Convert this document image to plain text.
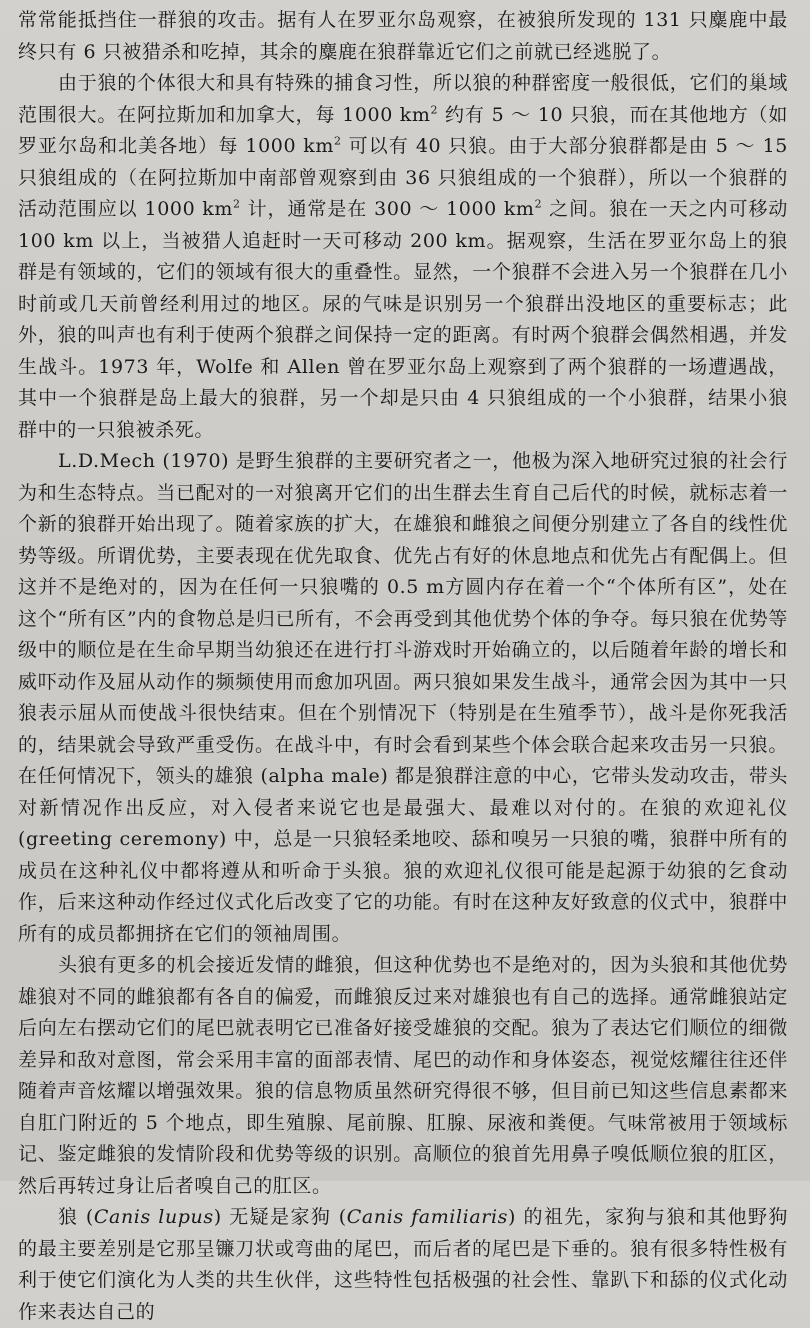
常常能抵挡住一群狼的攻击。据有人在罗亚尔岛观察，在被狼所发现的 131 只麋鹿中最终只有 6 只被猎杀和吃掉，其余的麋鹿在狼群靠近它们之前就已经逃脱了。

由于狼的个体很大和具有特殊的捕食习性，所以狼的种群密度一般很低，它们的巢域范围很大。在阿拉斯加和加拿大，每 1000 $km^2$ 约有 5 ～ 10 只狼，而在其他地方（如罗亚尔岛和北美各地）每 1000 $km^2$ 可以有 40 只狼。由于大部分狼群都是由 5 ～ 15 只狼组成的（在阿拉斯加中南部曾观察到由 36 只狼组成的一个狼群），所以一个狼群的活动范围应以 1000 $km^2$ 计，通常是在 300 ～ 1000 $km^2$ 之间。狼在一天之内可移动 100 km 以上，当被猎人追赶时一天可移动 200 km。据观察，生活在罗亚尔岛上的狼群是有领域的，它们的领域有很大的重叠性。显然，一个狼群不会进入另一个狼群在几小时前或几天前曾经利用过的地区。尿的气味是识别另一个狼群出没地区的重要标志；此外，狼的叫声也有利于使两个狼群之间保持一定的距离。有时两个狼群会偶然相遇，并发生战斗。1973 年，Wolfe 和 Allen 曾在罗亚尔岛上观察到了两个狼群的一场遭遇战，其中一个狼群是岛上最大的狼群，另一个却是只由 4 只狼组成的一个小狼群，结果小狼群中的一只狼被杀死。

L.D.Mech (1970) 是野生狼群的主要研究者之一，他极为深入地研究过狼的社会行为和生态特点。当已配对的一对狼离开它们的出生群去生育自己后代的时候，就标志着一个新的狼群开始出现了。随着家族的扩大，在雄狼和雌狼之间便分别建立了各自的线性优势等级。所谓优势，主要表现在优先取食、优先占有好的休息地点和优先占有配偶上。但这并不是绝对的，因为在任何一只狼嘴的 0.5 m方圆内存在着一个“个体所有区”，处在这个“所有区”内的食物总是归已所有，不会再受到其他优势个体的争夺。每只狼在优势等级中的顺位是在生命早期当幼狼还在进行打斗游戏时开始确立的，以后随着年龄的增长和威吓动作及屈从动作的频频使用而愈加巩固。两只狼如果发生战斗，通常会因为其中一只狼表示屈从而使战斗很快结束。但在个别情况下（特别是在生殖季节），战斗是你死我活的，结果就会导致严重受伤。在战斗中，有时会看到某些个体会联合起来攻击另一只狼。在任何情况下，领头的雄狼 (alpha male) 都是狼群注意的中心，它带头发动攻击，带头对新情况作出反应，对入侵者来说它也是最强大、最难以对付的。在狼的欢迎礼仪 (greeting ceremony) 中，总是一只狼轻柔地咬、舔和嗅另一只狼的嘴，狼群中所有的成员在这种礼仪中都将遵从和听命于头狼。狼的欢迎礼仪很可能是起源于幼狼的乞食动作，后来这种动作经过仪式化后改变了它的功能。有时在这种友好致意的仪式中，狼群中所有的成员都拥挤在它们的领袖周围。

头狼有更多的机会接近发情的雌狼，但这种优势也不是绝对的，因为头狼和其他优势雄狼对不同的雌狼都有各自的偏爱，而雌狼反过来对雄狼也有自己的选择。通常雌狼站定后向左右摆动它们的尾巴就表明它已准备好接受雄狼的交配。狼为了表达它们顺位的细微差异和敌对意图，常会采用丰富的面部表情、尾巴的动作和身体姿态，视觉炫耀往往还伴随着声音炫耀以增强效果。狼的信息物质虽然研究得很不够，但目前已知这些信息素都来自肛门附近的 5 个地点，即生殖腺、尾前腺、肛腺、尿液和粪便。气味常被用于领域标记、鉴定雌狼的发情阶段和优势等级的识别。高顺位的狼首先用鼻子嗅低顺位狼的肛区，然后再转过身让后者嗅自己的肛区。

狼 (Canis lupus) 无疑是家狗 (Canis familiaris) 的祖先，家狗与狼和其他野狗的最主要差别是它那呈镰刀状或弯曲的尾巴，而后者的尾巴是下垂的。狼有很多特性极有利于使它们演化为人类的共生伙伴，这些特性包括极强的社会性、靠趴下和舔的仪式化动作来表达自己的
